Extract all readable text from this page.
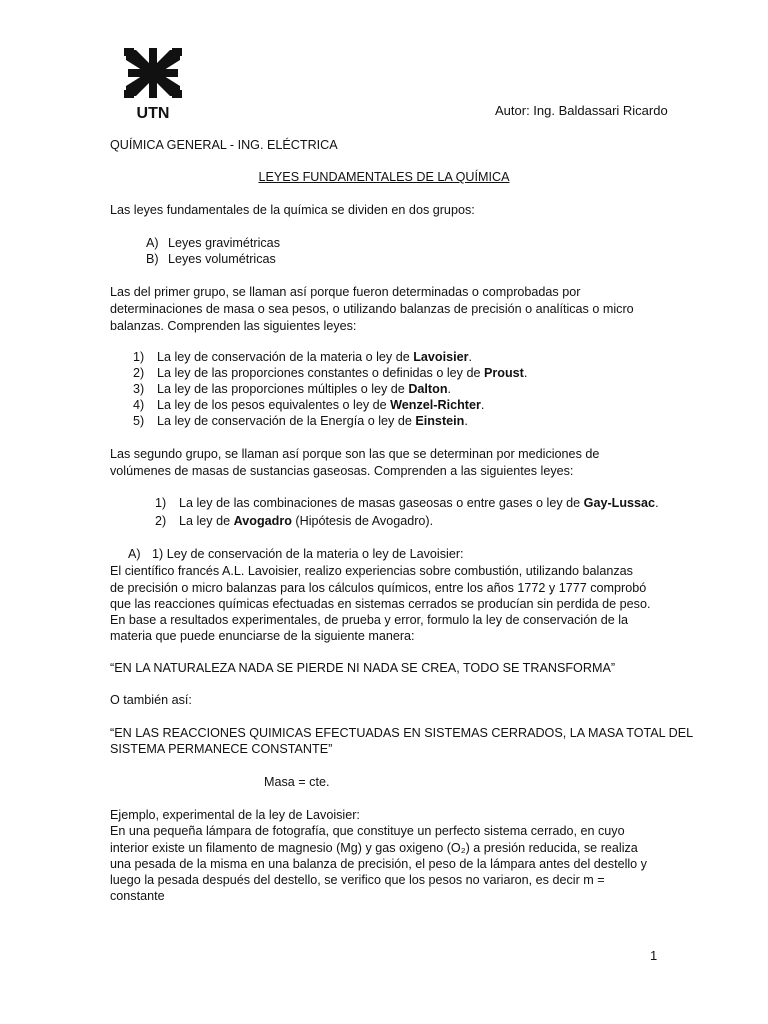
UTN	Autor: Ing. Baldassari Ricardo
QUÍMICA GENERAL - ING. ELÉCTRICA
LEYES FUNDAMENTALES DE LA QUÍMICA
Las leyes fundamentales de la química se dividen en dos grupos:
A) Leyes gravimétricas
B) Leyes volumétricas
Las del primer grupo, se llaman así porque fueron determinadas o comprobadas por
determinaciones de masa o sea pesos, o utilizando balanzas de precisión o analíticas o micro
balanzas. Comprenden las siguientes leyes:
1) La ley de conservación de la materia o ley de Lavoisier.
2) La ley de las proporciones constantes o definidas o ley de Proust.
3) La ley de las proporciones múltiples o ley de Dalton.
4) La ley de los pesos equivalentes o ley de Wenzel-Richter.
5) La ley de conservación de la Energía o ley de Einstein.
Las segundo grupo, se llaman así porque son las que se determinan por mediciones de
volúmenes de masas de sustancias gaseosas. Comprenden a las siguientes leyes:
1) La ley de las combinaciones de masas gaseosas o entre gases o ley de Gay-Lussac.
2) La ley de Avogadro (Hipótesis de Avogadro).
A) 1) Ley de conservación de la materia o ley de Lavoisier:
El científico francés A.L. Lavoisier, realizo experiencias sobre combustión, utilizando balanzas
de precisión o micro balanzas para los cálculos químicos, entre los años 1772 y 1777 comprobó
que las reacciones químicas efectuadas en sistemas cerrados se producían sin perdida de peso.
En base a resultados experimentales, de prueba y error, formulo la ley de conservación de la
materia que puede enunciarse de la siguiente manera:
“EN LA NATURALEZA NADA SE PIERDE NI NADA SE CREA, TODO SE TRANSFORMA”
O también así:
“EN LAS REACCIONES QUIMICAS EFECTUADAS EN SISTEMAS CERRADOS, LA MASA TOTAL DEL
SISTEMA PERMANECE CONSTANTE”
Masa = cte.
Ejemplo, experimental de la ley de Lavoisier:
En una pequeña lámpara de fotografía, que constituye un perfecto sistema cerrado, en cuyo
interior existe un filamento de magnesio (Mg) y gas oxigeno (O₂) a presión reducida, se realiza
una pesada de la misma en una balanza de precisión, el peso de la lámpara antes del destello y
luego la pesada después del destello, se verifico que los pesos no variaron, es decir m =
constante
1
